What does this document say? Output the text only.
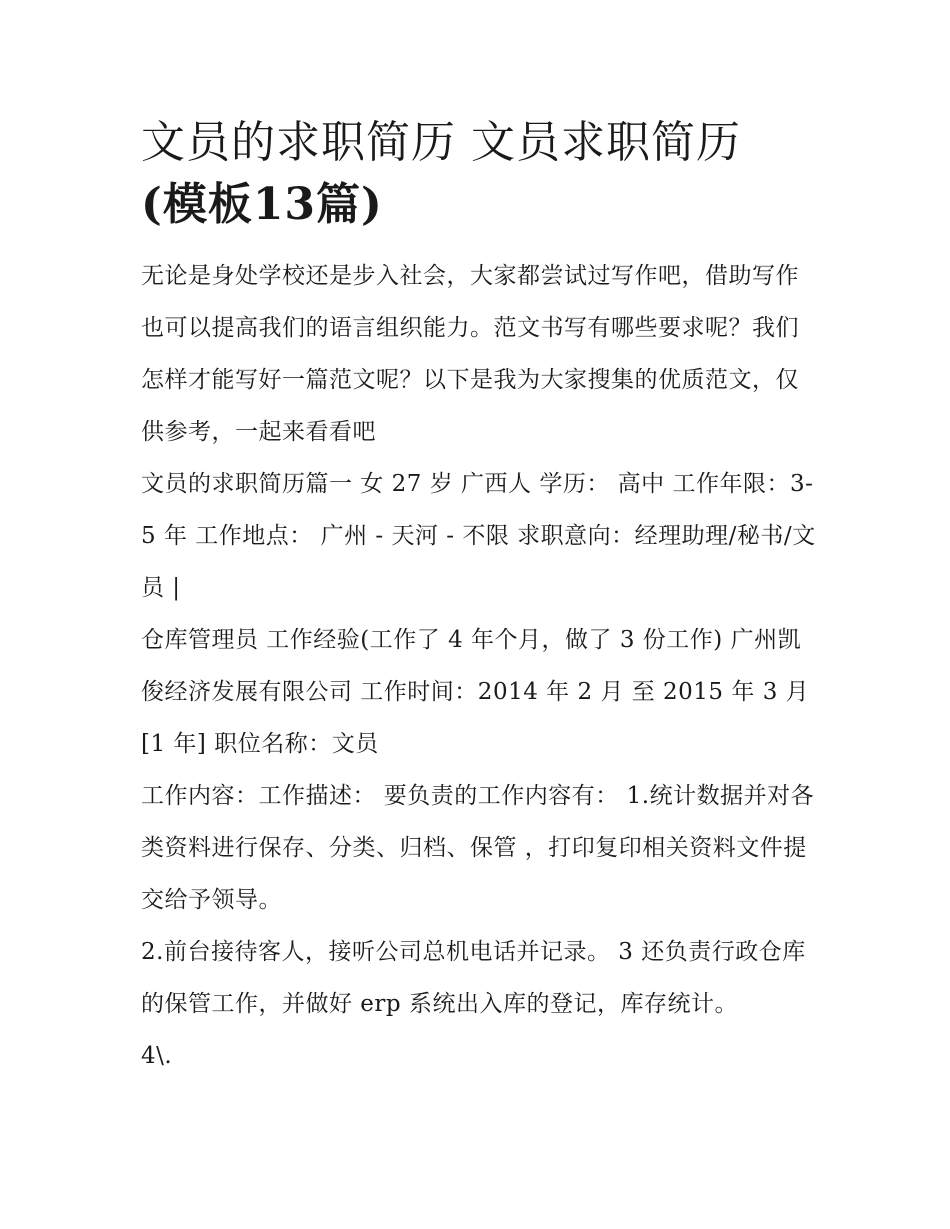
文员的求职简历 文员求职简历
(模板13篇)

无论是身处学校还是步入社会，大家都尝试过写作吧，借助写作也可以提高我们的语言组织能力。范文书写有哪些要求呢？我们怎样才能写好一篇范文呢？以下是我为大家搜集的优质范文，仅供参考，一起来看看吧

文员的求职简历篇一 女 27 岁 广西人 学历： 高中 工作年限：3-5 年 工作地点： 广州 - 天河 - 不限 求职意向：经理助理/秘书/文员 |

仓库管理员 工作经验(工作了 4 年个月，做了 3 份工作) 广州凯俊经济发展有限公司 工作时间：2014 年 2 月 至 2015 年 3 月[1 年] 职位名称：文员

工作内容：工作描述： 要负责的工作内容有： 1.统计数据并对各类资料进行保存、分类、归档、保管 ，打印复印相关资料文件提交给予领导。

2.前台接待客人，接听公司总机电话并记录。 3 还负责行政仓库的保管工作，并做好 erp 系统出入库的登记，库存统计。

4\.
